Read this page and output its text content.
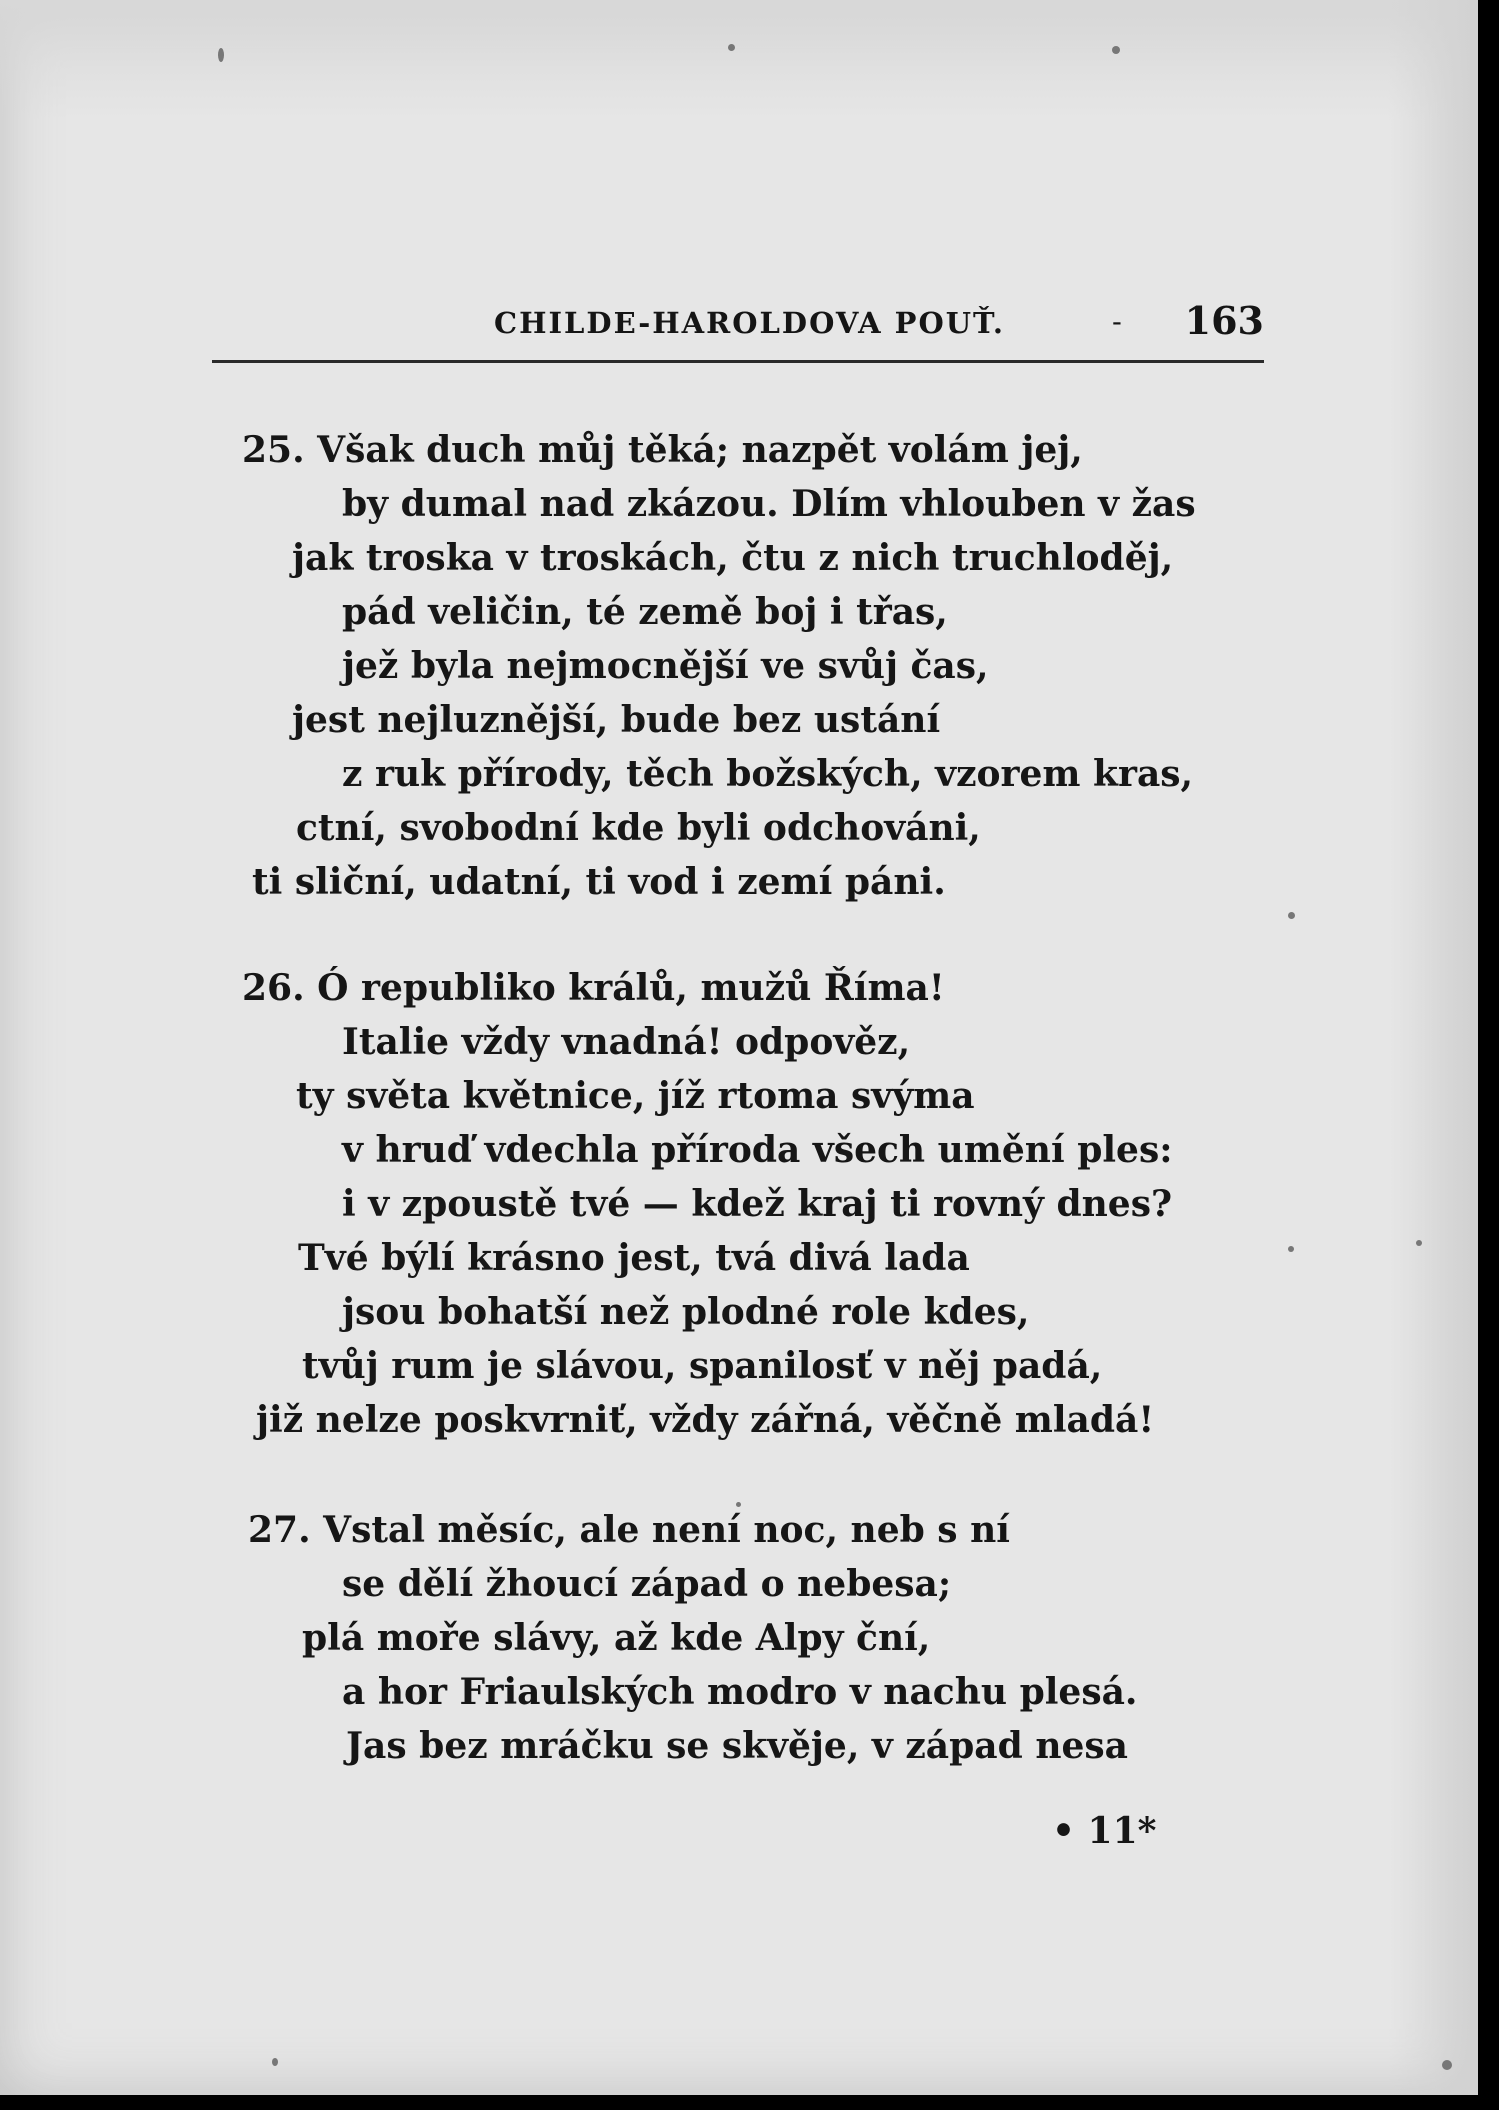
CHILDE-HAROLDOVA POUŤ.	- 163
25. Však duch můj těká; nazpět volám jej,
by dumal nad zkázou. Dlím vhlouben v žas
jak troska v troskách, čtu z nich truchloděj,
pád veličin, té země boj i třas,
jež byla nejmocnější ve svůj čas,
jest nejluznější, bude bez ustání
z ruk přírody, těch božských, vzorem kras,
ctní, svobodní kde byli odchováni,
ti sliční, udatní, ti vod i zemí páni.
26. Ó republiko králů, mužů Říma!
Italie vždy vnadná! odpověz,
ty světa květnice, jíž rtoma svýma
v hruď vdechla příroda všech umění ples:
i v zpoustě tvé — kdež kraj ti rovný dnes?
Tvé býlí krásno jest, tvá divá lada
jsou bohatší než plodné role kdes,
tvůj rum je slávou, spanilosť v něj padá,
již nelze poskvrniť, vždy zářná, věčně mladá!
27. Vstal měsíc, ale není noc, neb s ní
se dělí žhoucí západ o nebesa;
plá moře slávy, až kde Alpy ční,
a hor Friaulských modro v nachu plesá.
Jas bez mráčku se skvěje, v západ nesa
• 11*
